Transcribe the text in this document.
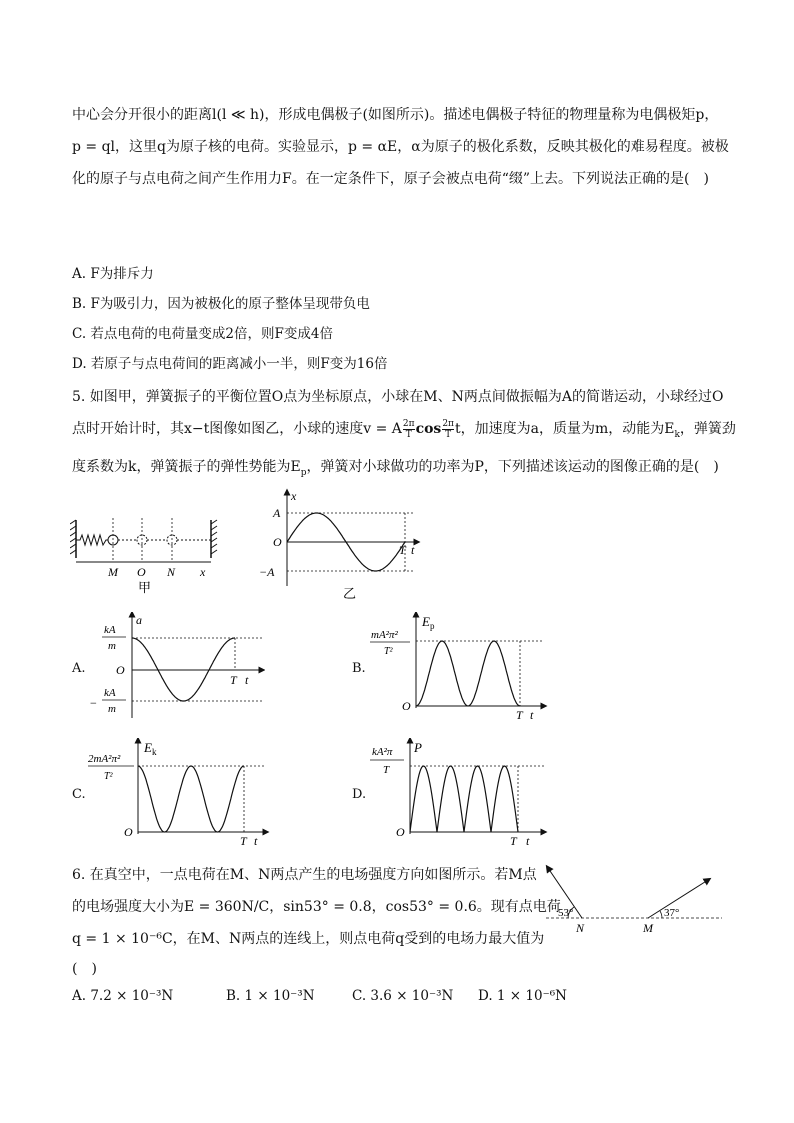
中心会分开很小的距离l(l ≪ h)，形成电偶极子(如图所示)。描述电偶极子特征的物理量称为电偶极矩p，
p = ql，这里q为原子核的电荷。实验显示，p = αE，α为原子的极化系数，反映其极化的难易程度。被极
化的原子与点电荷之间产生作用力F。在一定条件下，原子会被点电荷“缀”上去。下列说法正确的是(　)
A. F为排斥力
B. F为吸引力，因为被极化的原子整体呈现带负电
C. 若点电荷的电荷量变成2倍，则F变成4倍
D. 若原子与点电荷间的距离减小一半，则F变为16倍
5. 如图甲，弹簧振子的平衡位置O点为坐标原点，小球在M、N两点间做振幅为A的简谐运动，小球经过O
点时开始计时，其x−t图像如图乙，小球的速度v = A $\frac{2\pi}{T}$ $\cos \frac{2\pi}{T}$ t，加速度为a，质量为m，动能为$E_k$，弹簧劲
度系数为k，弹簧振子的弹性势能为$E_p$，弹簧对小球做功的功率为P，下列描述该运动的图像正确的是(　)
M O N x
甲
x
A
O
−A
T t
乙
A.
a
kA
m
O
−
kA
m
T t
B.
E p
mA²π²
T²
O
T t
C.
E k
2mA²π²
T²
O
T t
D.
P
kA²π
T
O
T t
6. 在真空中，一点电荷在M、N两点产生的电场强度方向如图所示。若M点
的电场强度大小为E = 360N/C，sin53° = 0.8，cos53° = 0.6。现有点电荷
q = 1 × 10⁻⁶C，在M、N两点的连线上，则点电荷q受到的电场力最大值为
(　)
A. 7.2 × 10⁻³N	B. 1 × 10⁻³N	C. 3.6 × 10⁻³N D. 1 × 10⁻⁶N
53°	37°
N	M
